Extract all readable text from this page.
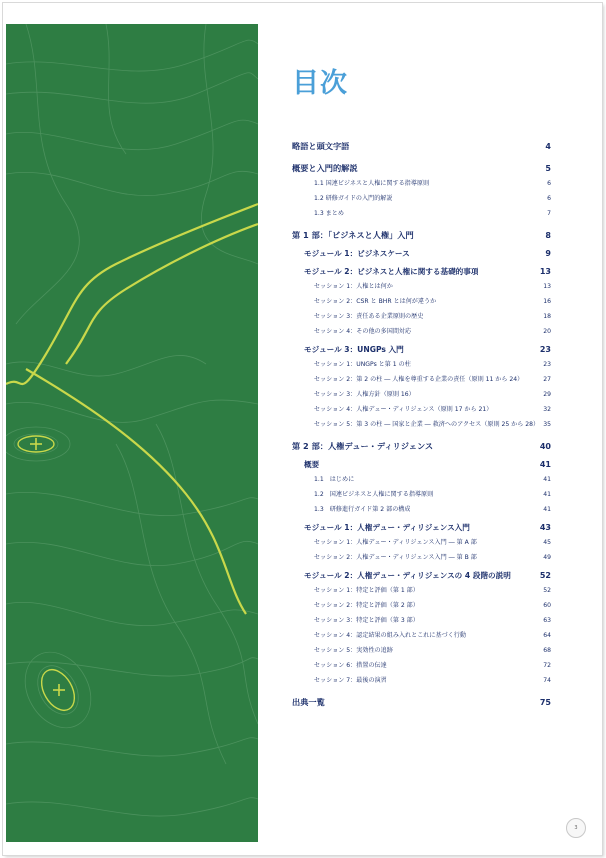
目次
略語と頭文字語	4
概要と入門的解説	5
1.1 国連ビジネスと人権に関する指導原則	6
1.2 研修ガイドの入門的解説	6
1.3 まとめ	7
第 1 部：「ビジネスと人権」入門	8
モジュール 1：ビジネスケース	9
モジュール 2：ビジネスと人権に関する基礎的事項	13
セッション 1：人権とは何か	13
セッション 2：CSR と BHR とは何が違うか	16
セッション 3：責任ある企業原則の歴史	18
セッション 4：その他の多国間対応	20
モジュール 3：UNGPs 入門	23
セッション 1：UNGPs と第 1 の柱	23
セッション 2：第 2 の柱 ― 人権を尊重する企業の責任（原則 11 から 24）	27
セッション 3：人権方針（原則 16）	29
セッション 4：人権デュー・ディリジェンス（原則 17 から 21）	32
セッション 5：第 3 の柱 ― 国家と企業 ― 救済へのアクセス（原則 25 から 28） 35
第 2 部：人権デュー・ディリジェンス	40
概要	41
1.1　はじめに	41
1.2　国連ビジネスと人権に関する指導原則	41
1.3　研修進行ガイド第 2 部の構成	41
モジュール 1：人権デュー・ディリジェンス入門	43
セッション 1：人権デュー・ディリジェンス入門 ― 第 A 部	45
セッション 2：人権デュー・ディリジェンス入門 ― 第 B 部	49
モジュール 2：人権デュー・ディリジェンスの 4 段階の説明	52
セッション 1：特定と評価（第 1 部）	52
セッション 2：特定と評価（第 2 部）	60
セッション 3：特定と評価（第 3 部）	63
セッション 4：認定結果の組み入れとこれに基づく行動	64
セッション 5：実効性の追跡	68
セッション 6：措置の伝達	72
セッション 7：最後の演習	74
出典一覧	75
3
